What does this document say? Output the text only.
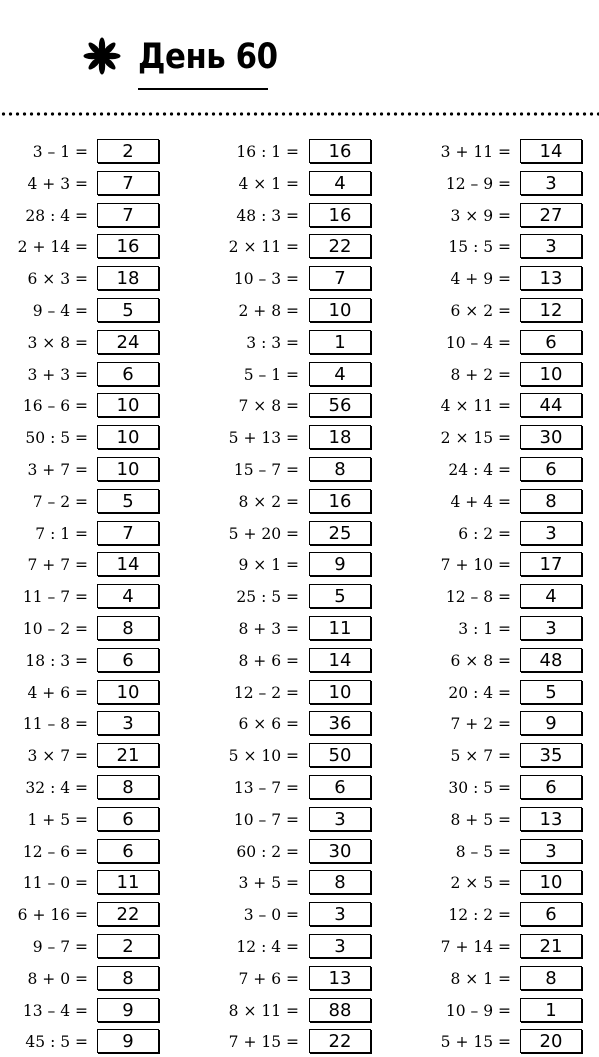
День 60
3 – 1 =	2
4 + 3 =	7
28 : 4 =	7
2 + 14 =	16
6 × 3 =	18
9 – 4 =	5
3 × 8 =	24
3 + 3 =	6
16 – 6 =	10
50 : 5 =	10
3 + 7 =	10
7 – 2 =	5
7 : 1 =	7
7 + 7 =	14
11 – 7 =	4
10 – 2 =	8
18 : 3 =	6
4 + 6 =	10
11 – 8 =	3
3 × 7 =	21
32 : 4 =	8
1 + 5 =	6
12 – 6 =	6
11 – 0 =	11
6 + 16 =	22
9 – 7 =	2
8 + 0 =	8
13 – 4 =	9
45 : 5 =	9
16 : 1 =	16
4 × 1 =	4
48 : 3 =	16
2 × 11 =	22
10 – 3 =	7
2 + 8 =	10
3 : 3 =	1
5 – 1 =	4
7 × 8 =	56
5 + 13 =	18
15 – 7 =	8
8 × 2 =	16
5 + 20 =	25
9 × 1 =	9
25 : 5 =	5
8 + 3 =	11
8 + 6 =	14
12 – 2 =	10
6 × 6 =	36
5 × 10 =	50
13 – 7 =	6
10 – 7 =	3
60 : 2 =	30
3 + 5 =	8
3 – 0 =	3
12 : 4 =	3
7 + 6 =	13
8 × 11 =	88
7 + 15 =	22
3 + 11 =	14
12 – 9 =	3
3 × 9 =	27
15 : 5 =	3
4 + 9 =	13
6 × 2 =	12
10 – 4 =	6
8 + 2 =	10
4 × 11 =	44
2 × 15 =	30
24 : 4 =	6
4 + 4 =	8
6 : 2 =	3
7 + 10 =	17
12 – 8 =	4
3 : 1 =	3
6 × 8 =	48
20 : 4 =	5
7 + 2 =	9
5 × 7 =	35
30 : 5 =	6
8 + 5 =	13
8 – 5 =	3
2 × 5 =	10
12 : 2 =	6
7 + 14 =	21
8 × 1 =	8
10 – 9 =	1
5 + 15 =	20
